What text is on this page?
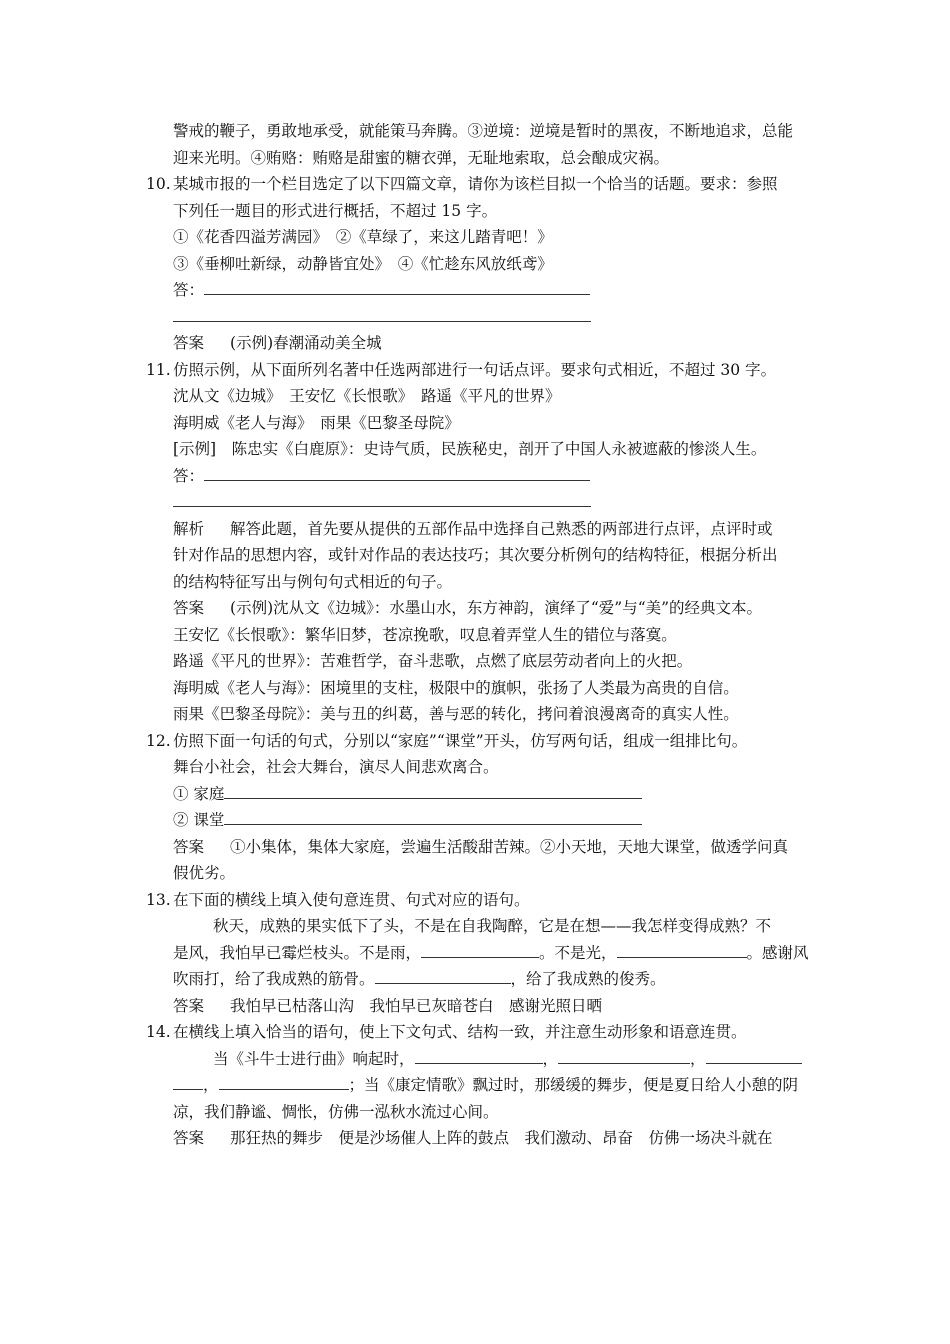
警戒的鞭子，勇敢地承受，就能策马奔腾。③逆境：逆境是暂时的黑夜，不断地追求，总能
迎来光明。④贿赂：贿赂是甜蜜的糖衣弹，无耻地索取，总会酿成灾祸。
10. 某城市报的一个栏目选定了以下四篇文章，请你为该栏目拟一个恰当的话题。要求：参照
下列任一题目的形式进行概括，不超过 15 字。
①《花香四溢芳满园》　②《草绿了，来这儿踏青吧！》
③《垂柳吐新绿，动静皆宜处》　④《忙趁东风放纸鸢》
答：
答案 (示例)春潮涌动美全城
11. 仿照示例，从下面所列名著中任选两部进行一句话点评。要求句式相近，不超过 30 字。
沈从文《边城》　王安忆《长恨歌》　路遥《平凡的世界》
海明威《老人与海》　雨果《巴黎圣母院》
[示例]　陈忠实《白鹿原》：史诗气质，民族秘史，剖开了中国人永被遮蔽的惨淡人生。
答：
解析 解答此题，首先要从提供的五部作品中选择自己熟悉的两部进行点评，点评时或
针对作品的思想内容，或针对作品的表达技巧；其次要分析例句的结构特征，根据分析出
的结构特征写出与例句句式相近的句子。
答案 (示例)沈从文《边城》：水墨山水，东方神韵，演绎了“爱”与“美”的经典文本。
王安忆《长恨歌》：繁华旧梦，苍凉挽歌，叹息着弄堂人生的错位与落寞。
路遥《平凡的世界》：苦难哲学，奋斗悲歌，点燃了底层劳动者向上的火把。
海明威《老人与海》：困境里的支柱，极限中的旗帜，张扬了人类最为高贵的自信。
雨果《巴黎圣母院》：美与丑的纠葛，善与恶的转化，拷问着浪漫离奇的真实人性。
12. 仿照下面一句话的句式，分别以“家庭”“课堂”开头，仿写两句话，组成一组排比句。
舞台小社会，社会大舞台，演尽人间悲欢离合。
① 家庭
② 课堂
答案 ①小集体，集体大家庭，尝遍生活酸甜苦辣。②小天地，天地大课堂，做透学问真
假优劣。
13. 在下面的横线上填入使句意连贯、句式对应的语句。
秋天，成熟的果实低下了头，不是在自我陶醉，它是在想——我怎样变得成熟？不
是风，我怕早已霉烂枝头。不是雨，	。不是光，	。感谢风
吹雨打，给了我成熟的筋骨。	，给了我成熟的俊秀。
答案 我怕早已枯落山沟　我怕早已灰暗苍白　感谢光照日晒
14. 在横线上填入恰当的语句，使上下文句式、结构一致，并注意生动形象和语意连贯。
当《斗牛士进行曲》响起时，	，	，
，	；当《康定情歌》飘过时，那缓缓的舞步，便是夏日给人小憩的阴
凉，我们静谧、惆怅，仿佛一泓秋水流过心间。
答案 那狂热的舞步　便是沙场催人上阵的鼓点　我们激动、昂奋　仿佛一场决斗就在
